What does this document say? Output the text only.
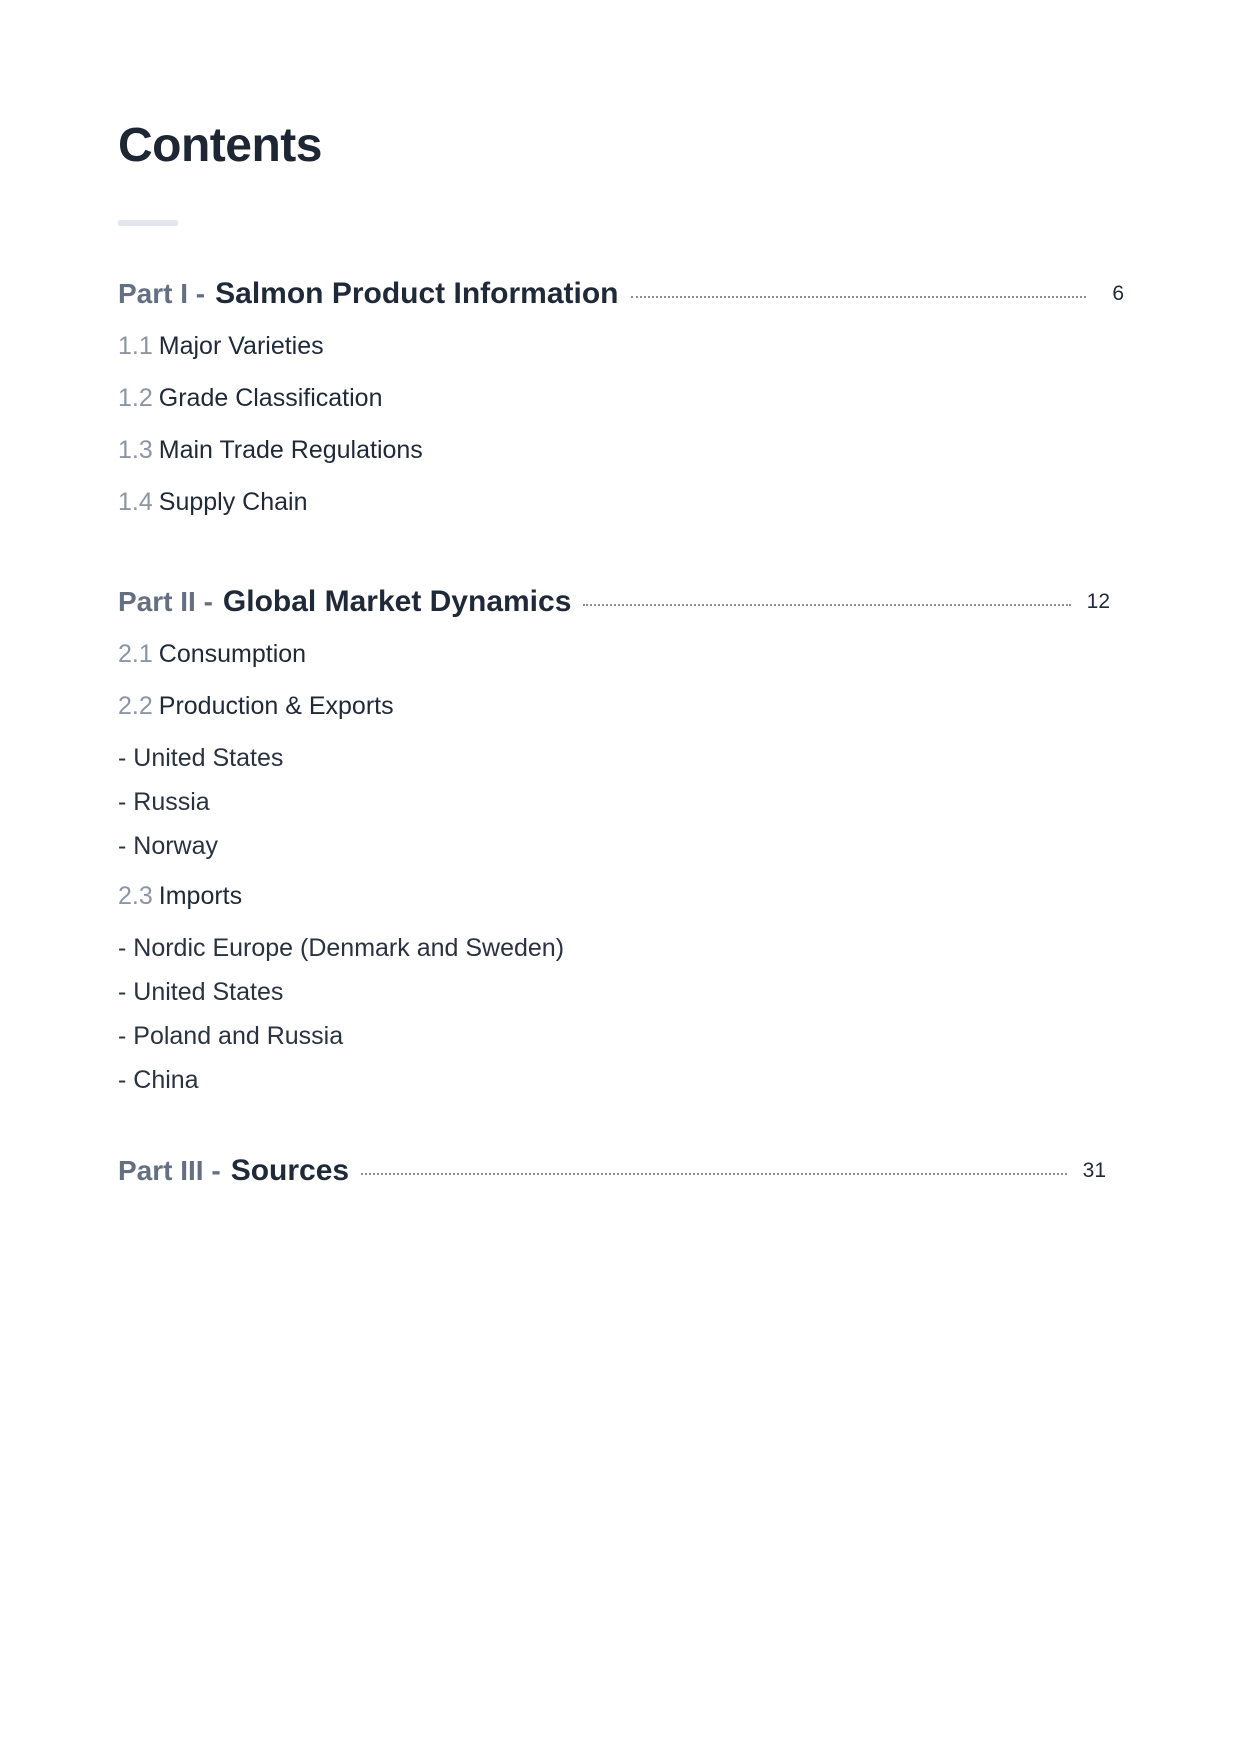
Contents
Part I - Salmon Product Information	6
1.1 Major Varieties
1.2 Grade Classification
1.3 Main Trade Regulations
1.4 Supply Chain
Part II - Global Market Dynamics	12
2.1 Consumption
2.2 Production & Exports
- United States
- Russia
- Norway
2.3 Imports
- Nordic Europe (Denmark and Sweden)
- United States
- Poland and Russia
- China
Part III - Sources	31
